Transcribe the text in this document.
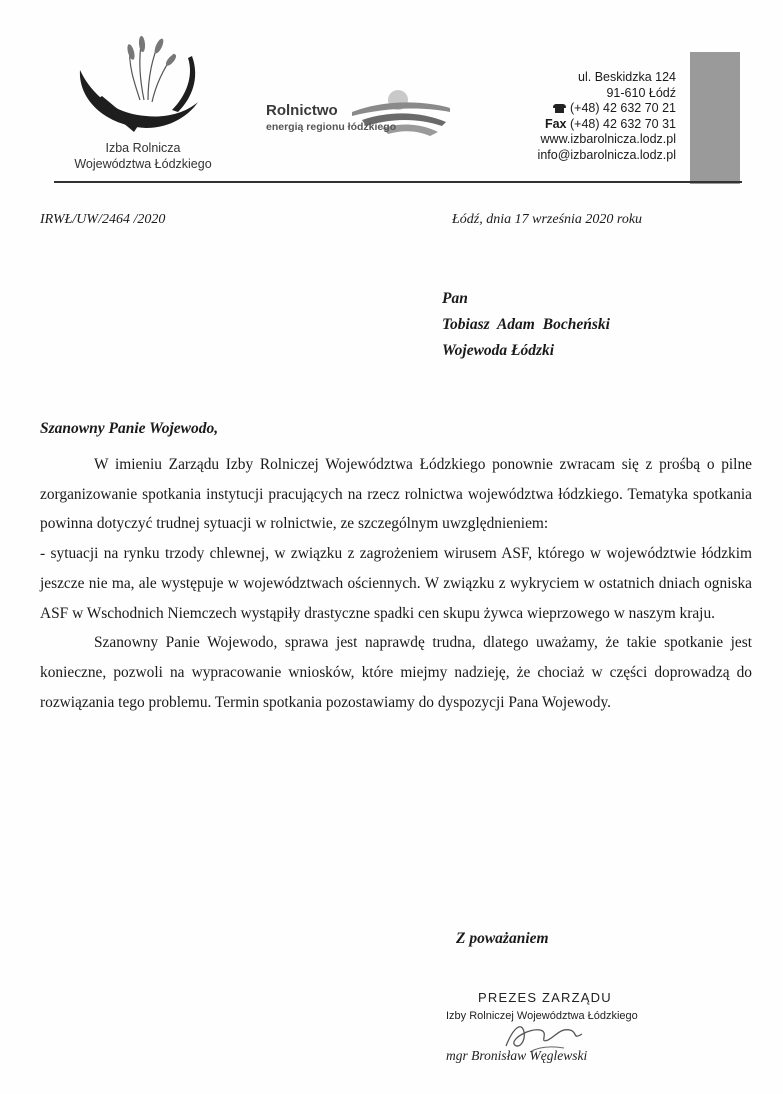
Izba Rolnicza
Województwa Łódzkiego
Rolnictwo
energią regionu łódzkiego
ul. Beskidzka 124
91-610 Łódź
(+48) 42 632 70 21
Fax (+48) 42 632 70 31
www.izbarolnicza.lodz.pl
info@izbarolnicza.lodz.pl
IRWŁ/UW/2464 /2020	Łódź, dnia 17 września 2020 roku
Pan
Tobiasz Adam Bocheński
Wojewoda Łódzki
Szanowny Panie Wojewodo,

W imieniu Zarządu Izby Rolniczej Województwa Łódzkiego ponownie zwracam się z prośbą o pilne zorganizowanie spotkania instytucji pracujących na rzecz rolnictwa województwa łódzkiego. Tematyka spotkania powinna dotyczyć trudnej sytuacji w rolnictwie, ze szczególnym uwzględnieniem:

- sytuacji na rynku trzody chlewnej, w związku z zagrożeniem wirusem ASF, którego w województwie łódzkim jeszcze nie ma, ale występuje w województwach ościennych. W związku z wykryciem w ostatnich dniach ogniska ASF w Wschodnich Niemczech wystąpiły drastyczne spadki cen skupu żywca wieprzowego w naszym kraju.

Szanowny Panie Wojewodo, sprawa jest naprawdę trudna, dlatego uważamy, że takie spotkanie jest konieczne, pozwoli na wypracowanie wniosków, które miejmy nadzieję, że chociaż w części doprowadzą do rozwiązania tego problemu. Termin spotkania pozostawiamy do dyspozycji Pana Wojewody.

Z poważaniem
PREZES ZARZĄDU
Izby Rolniczej Województwa Łódzkiego
mgr Bronisław Węglewski
